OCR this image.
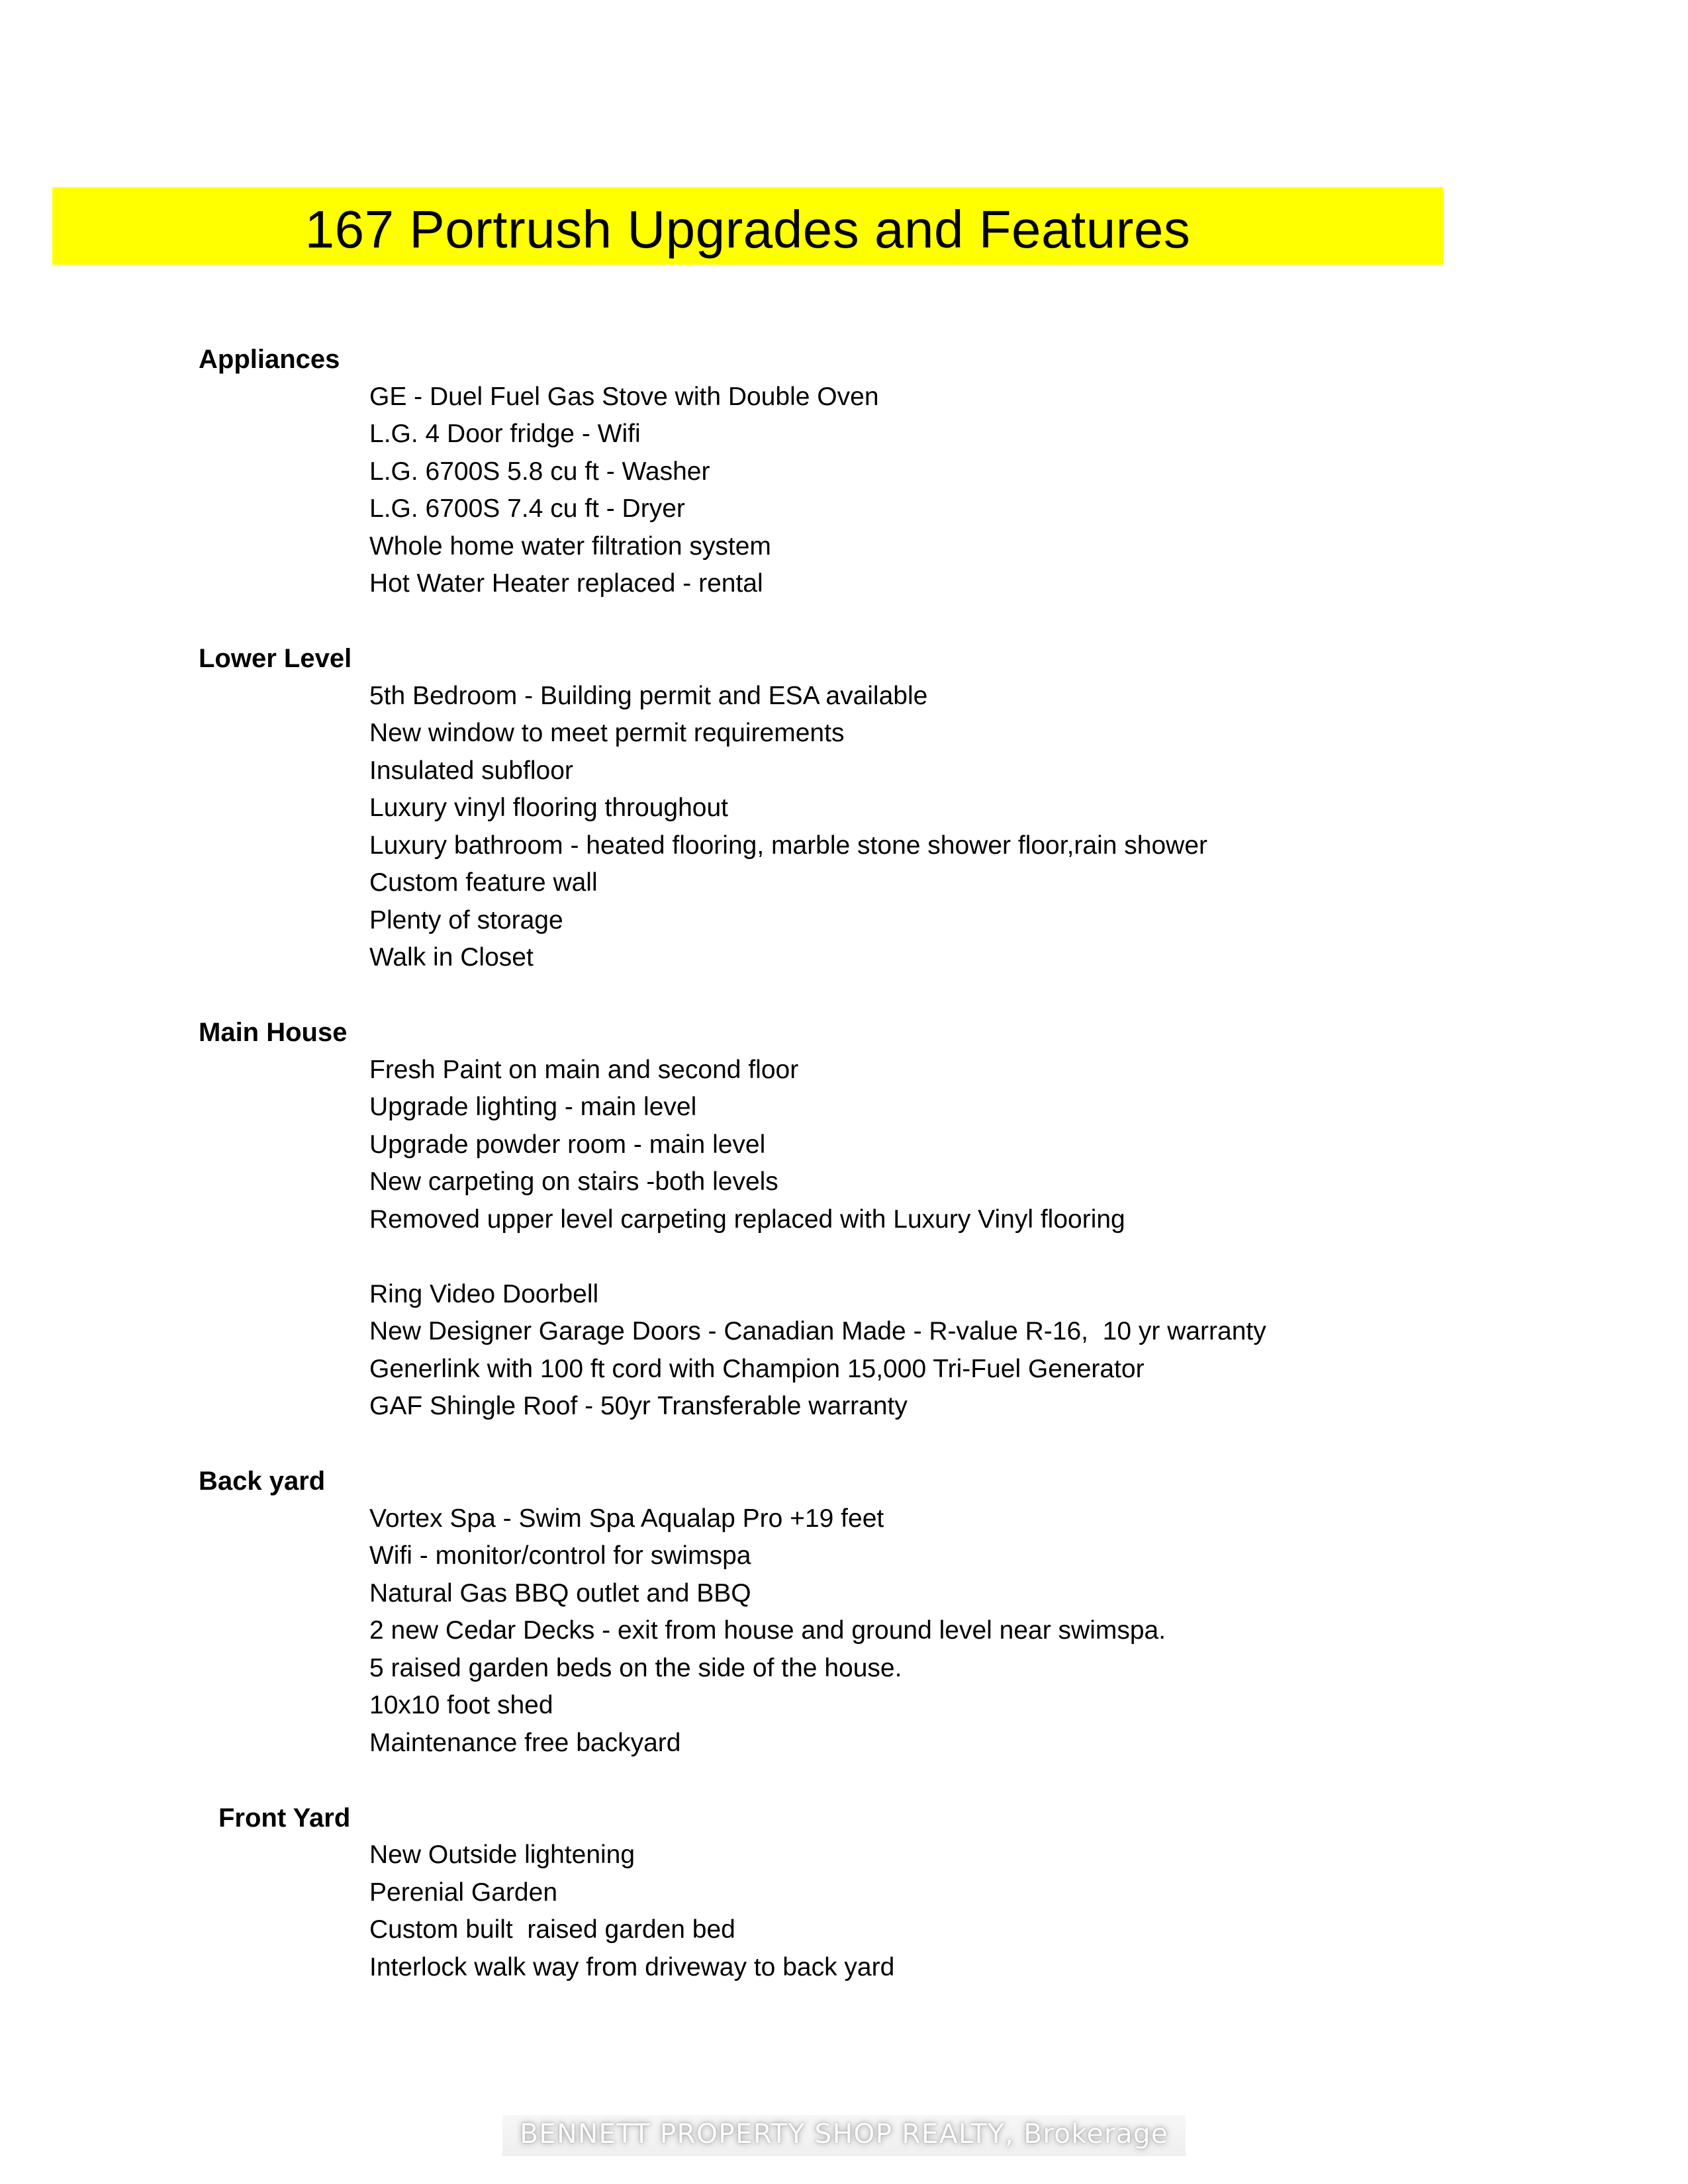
167 Portrush Upgrades and Features
Appliances
GE - Duel Fuel Gas Stove with Double Oven
L.G. 4 Door fridge - Wifi
L.G. 6700S 5.8 cu ft - Washer
L.G. 6700S 7.4 cu ft - Dryer
Whole home water filtration system
Hot Water Heater replaced - rental
Lower Level
5th Bedroom - Building permit and ESA available
New window to meet permit requirements
Insulated subfloor
Luxury vinyl flooring throughout
Luxury bathroom - heated flooring, marble stone shower floor,rain shower
Custom feature wall
Plenty of storage
Walk in Closet
Main House
Fresh Paint on main and second floor
Upgrade lighting - main level
Upgrade powder room - main level
New carpeting on stairs -both levels
Removed upper level carpeting replaced with Luxury Vinyl flooring
Ring Video Doorbell
New Designer Garage Doors - Canadian Made - R-value R-16,  10 yr warranty
Generlink with 100 ft cord with Champion 15,000 Tri-Fuel Generator
GAF Shingle Roof - 50yr Transferable warranty
Back yard
Vortex Spa - Swim Spa Aqualap Pro +19 feet
Wifi - monitor/control for swimspa
Natural Gas BBQ outlet and BBQ
2 new Cedar Decks - exit from house and ground level near swimspa.
5 raised garden beds on the side of the house.
10x10 foot shed
Maintenance free backyard
Front Yard
New Outside lightening
Perenial Garden
Custom built  raised garden bed
Interlock walk way from driveway to back yard
BENNETT PROPERTY SHOP REALTY, Brokerage
